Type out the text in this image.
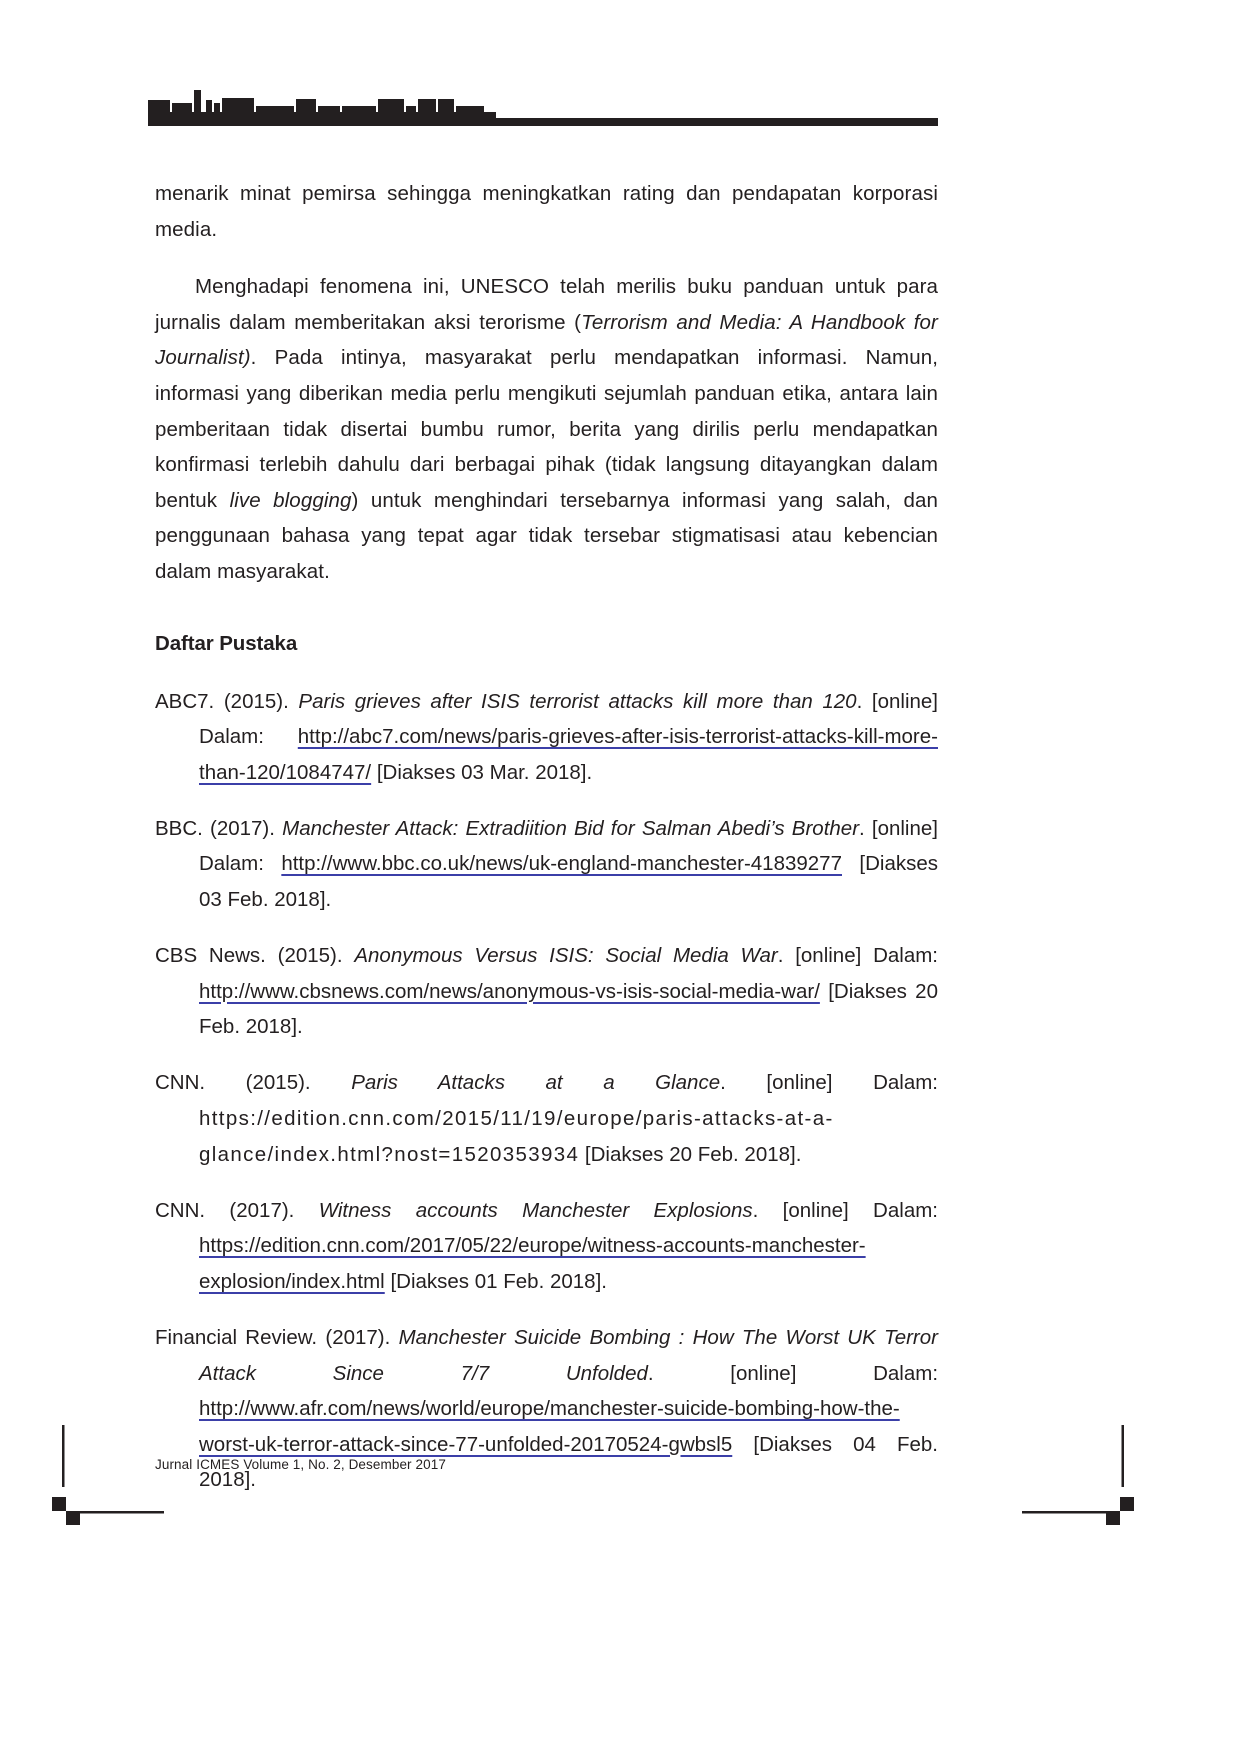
menarik minat pemirsa sehingga meningkatkan rating dan pendapatan korporasi media.

Menghadapi fenomena ini, UNESCO telah merilis buku panduan untuk para jurnalis dalam memberitakan aksi terorisme (Terrorism and Media: A Handbook for Journalist). Pada intinya, masyarakat perlu mendapatkan informasi. Namun, informasi yang diberikan media perlu mengikuti sejumlah panduan etika, antara lain pemberitaan tidak disertai bumbu rumor, berita yang dirilis perlu mendapatkan konfirmasi terlebih dahulu dari berbagai pihak (tidak langsung ditayangkan dalam bentuk live blogging) untuk menghindari tersebarnya informasi yang salah, dan penggunaan bahasa yang tepat agar tidak tersebar stigmatisasi atau kebencian dalam masyarakat.

Daftar Pustaka

ABC7. (2015). Paris grieves after ISIS terrorist attacks kill more than 120. [online] Dalam: http://abc7.com/news/paris-grieves-after-isis-terrorist-attacks-kill-more-than-120/1084747/ [Diakses 03 Mar. 2018].

BBC. (2017). Manchester Attack: Extradiition Bid for Salman Abedi’s Brother. [online] Dalam: http://www.bbc.co.uk/news/uk-england-manchester-41839277 [Diakses 03 Feb. 2018].

CBS News. (2015). Anonymous Versus ISIS: Social Media War. [online] Dalam: http://www.cbsnews.com/news/anonymous-vs-isis-social-media-war/ [Diakses 20 Feb. 2018].

CNN. (2015). Paris Attacks at a Glance. [online] Dalam: https://edition.cnn.com/2015/11/19/europe/paris-attacks-at-a-glance/index.html?nost=1520353934 [Diakses 20 Feb. 2018].

CNN. (2017). Witness accounts Manchester Explosions. [online] Dalam: https://edition.cnn.com/2017/05/22/europe/witness-accounts-manchester-explosion/index.html [Diakses 01 Feb. 2018].

Financial Review. (2017). Manchester Suicide Bombing : How The Worst UK Terror Attack Since 7/7 Unfolded. [online] Dalam: http://www.afr.com/news/world/europe/manchester-suicide-bombing-how-the-worst-uk-terror-attack-since-77-unfolded-20170524-gwbsl5 [Diakses 04 Feb. 2018].

Jurnal ICMES Volume 1, No. 2, Desember 2017
